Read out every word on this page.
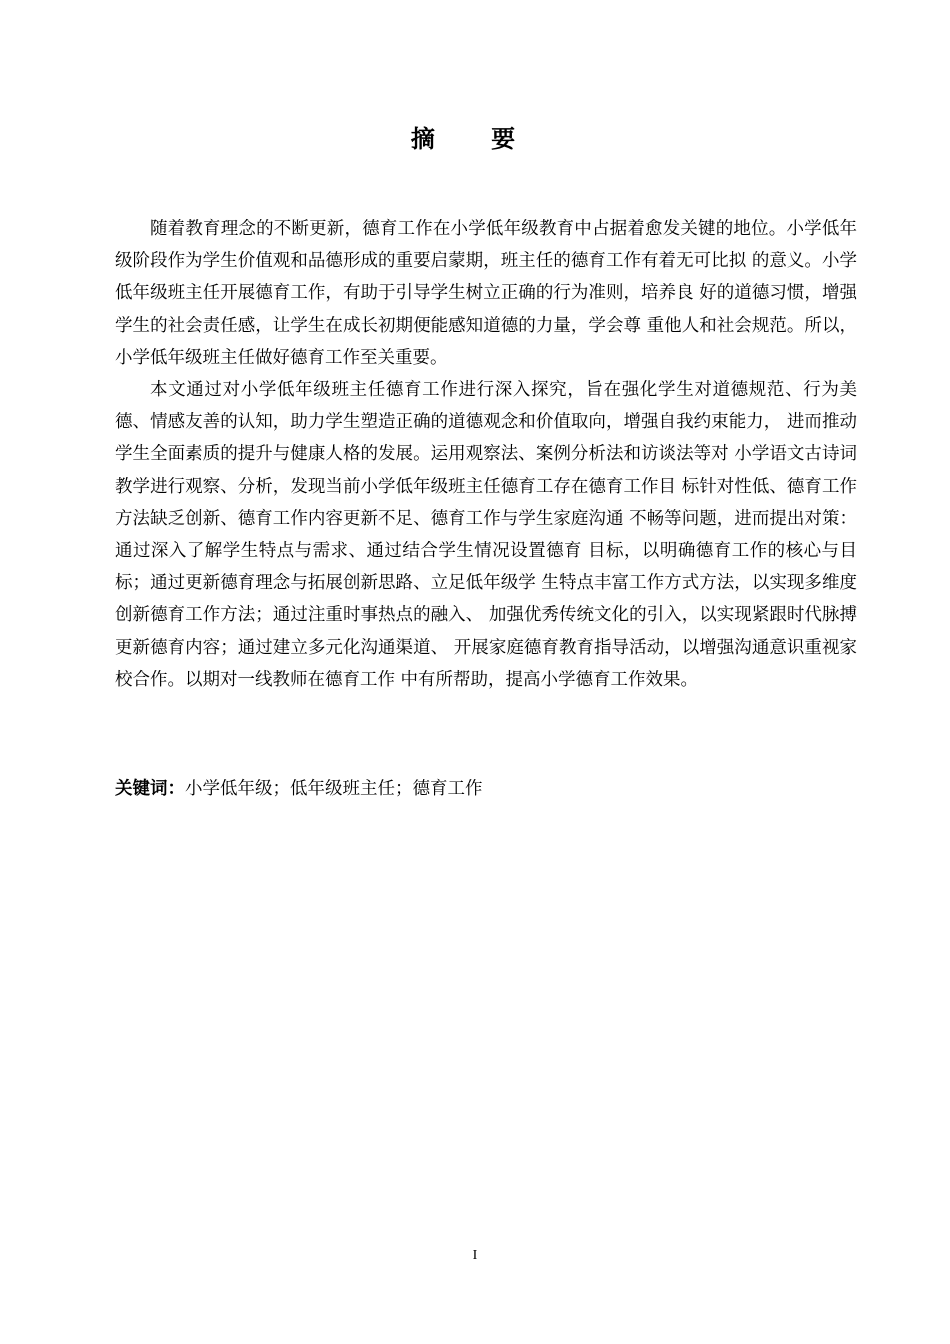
摘 要

随着教育理念的不断更新，德育工作在小学低年级教育中占据着愈发关键的地位。小学低年级阶段作为学生价值观和品德形成的重要启蒙期，班主任的德育工作有着无可比拟 的意义。小学低年级班主任开展德育工作，有助于引导学生树立正确的行为准则，培养良 好的道德习惯，增强学生的社会责任感，让学生在成长初期便能感知道德的力量，学会尊 重他人和社会规范。所以，小学低年级班主任做好德育工作至关重要。

本文通过对小学低年级班主任德育工作进行深入探究，旨在强化学生对道德规范、行为美德、情感友善的认知，助力学生塑造正确的道德观念和价值取向，增强自我约束能力， 进而推动学生全面素质的提升与健康人格的发展。运用观察法、案例分析法和访谈法等对 小学语文古诗词教学进行观察、分析，发现当前小学低年级班主任德育工存在德育工作目 标针对性低、德育工作方法缺乏创新、德育工作内容更新不足、德育工作与学生家庭沟通 不畅等问题，进而提出对策：通过深入了解学生特点与需求、通过结合学生情况设置德育 目标，以明确德育工作的核心与目标；通过更新德育理念与拓展创新思路、立足低年级学 生特点丰富工作方式方法，以实现多维度创新德育工作方法；通过注重时事热点的融入、 加强优秀传统文化的引入，以实现紧跟时代脉搏更新德育内容；通过建立多元化沟通渠道、 开展家庭德育教育指导活动，以增强沟通意识重视家校合作。以期对一线教师在德育工作 中有所帮助，提高小学德育工作效果。

关键词：小学低年级；低年级班主任；德育工作
I
